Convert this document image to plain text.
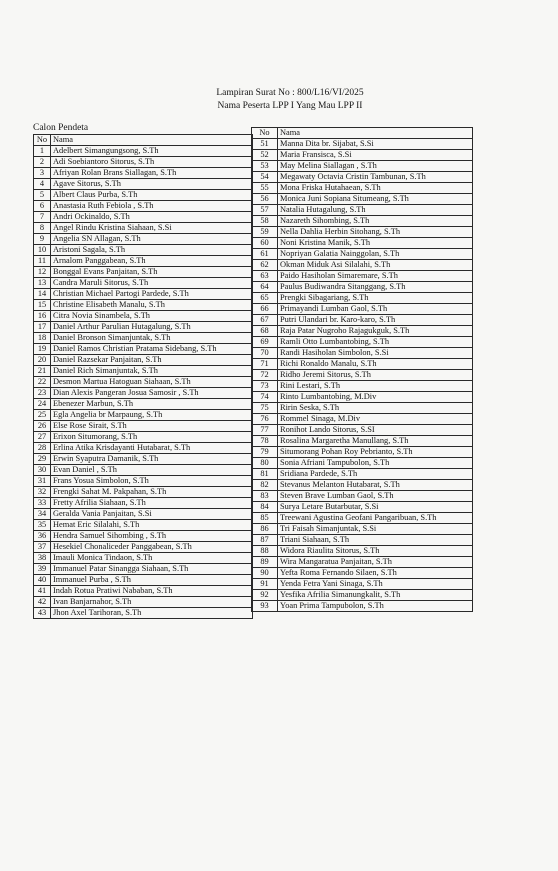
Lampiran Surat No : 800/L16/VI/2025
Nama Peserta LPP I Yang Mau LPP II
Calon Pendeta
No	Nama
1	Adelbert Simangungsong, S.Th
2	Adi Soebiantoro Sitorus, S.Th
3	Afriyan Rolan Brans Siallagan, S.Th
4	Agave Sitorus, S.Th
5	Albert Claus Purba, S.Th
6	Anastasia Ruth Febiola , S.Th
7	Andri Ockinaldo, S.Th
8	Angel Rindu Kristina Siahaan, S.Si
9	Angelia SN Allagan, S.Th
10	Aristoni Sagala, S.Th
11	Arnalom Panggabean, S.Th
12	Bonggal Evans Panjaitan, S.Th
13	Candra Maruli Sitorus, S.Th
14	Christian Michael Partogi Pardede, S.Th
15	Christine Elisabeth Manalu, S.Th
16	Citra Novia Sinambela, S.Th
17	Daniel Arthur Parulian Hutagalung, S.Th
18	Daniel Bronson Simanjuntak, S.Th
19	Daniel Ramos Christian Pratama Sidebang, S.Th
20	Daniel Razsekar Panjaitan, S.Th
21	Daniel Rich Simanjuntak, S.Th
22	Desmon Martua Hatoguan Siahaan, S.Th
23	Dian Alexis Pangeran Josua Samosir , S.Th
24	Ebenezer Marbun, S.Th
25	Egla Angelia br Marpaung, S.Th
26	Else Rose Sirait, S.Th
27	Erixon Situmorang, S.Th
28	Erlina Atika Krisdayanti Hutabarat, S.Th
29	Erwin Syaputra Damanik, S.Th
30	Evan Daniel , S.Th
31	Frans Yosua Simbolon, S.Th
32	Frengki Sahat M. Pakpahan, S.Th
33	Fretty Afrilia Siahaan, S.Th
34	Geralda Vania Panjaitan, S.Si
35	Hemat Eric Silalahi, S.Th
36	Hendra Samuel Sihombing , S.Th
37	Hesekiel Chonaliceder Panggabean, S.Th
38	Imauli Monica Tindaon, S.Th
39	Immanuel Patar Sinangga Siahaan, S.Th
40	Immanuel Purba , S.Th
41	Indah Rotua Pratiwi Nababan, S.Th
42	Ivan Banjarnahor, S.Th
43	Jhon Axel Tarihoran, S.Th
No	Nama
51	Manna Dita br. Sijabat, S.Si
52	Maria Fransisca, S.Si
53	May Melina Siallagan , S.Th
54	Megawaty Octavia Cristin Tambunan, S.Th
55	Mona Friska Hutahaean, S.Th
56	Monica Juni Sopiana Situmeang, S.Th
57	Natalia Hutagalung, S.Th
58	Nazareth Sihombing, S.Th
59	Nella Dahlia Herbin Sitohang, S.Th
60	Noni Kristina Manik, S.Th
61	Nopriyan Galatia Nainggolan, S.Th
62	Okman Miduk Asi Silalahi, S.Th
63	Paido Hasiholan Simaremare, S.Th
64	Paulus Budiwandra Sitanggang, S.Th
65	Prengki Sibagariang, S.Th
66	Primayandi Lumban Gaol, S.Th
67	Putri Ulandari br. Karo-karo, S.Th
68	Raja Patar Nugroho Rajagukguk, S.Th
69	Ramli Otto Lumbantobing, S.Th
70	Randi Hasiholan Simbolon, S.Si
71	Richi Ronaldo Manalu, S.Th
72	Ridho Jeremi Sitorus, S.Th
73	Rini Lestari, S.Th
74	Rinto Lumbantobing, M.Div
75	Ririn Seska, S.Th
76	Rommel Sinaga, M.Div
77	Ronihot Lando Sitorus, S.SI
78	Rosalina Margaretha Manullang, S.Th
79	Situmorang Pohan Roy Pebrianto, S.Th
80	Sonia Afriani Tampubolon, S.Th
81	Sridiana Pardede, S.Th
82	Stevanus Melanton Hutabarat, S.Th
83	Steven Brave Lumban Gaol, S.Th
84	Surya Letare Butarbutar, S.Si
85	Treewani Agustina Geofani Pangaribuan, S.Th
86	Tri Faisah Simanjuntak, S.Si
87	Triani Siahaan, S.Th
88	Widora Riaulita Sitorus, S.Th
89	Wira Mangaratua Panjaitan, S.Th
90	Yefta Roma Fernando Silaen, S.Th
91	Yenda Fetra Yani Sinaga, S.Th
92	Yesfika Afrilia Simanungkalit, S.Th
93	Yoan Prima Tampubolon, S.Th
